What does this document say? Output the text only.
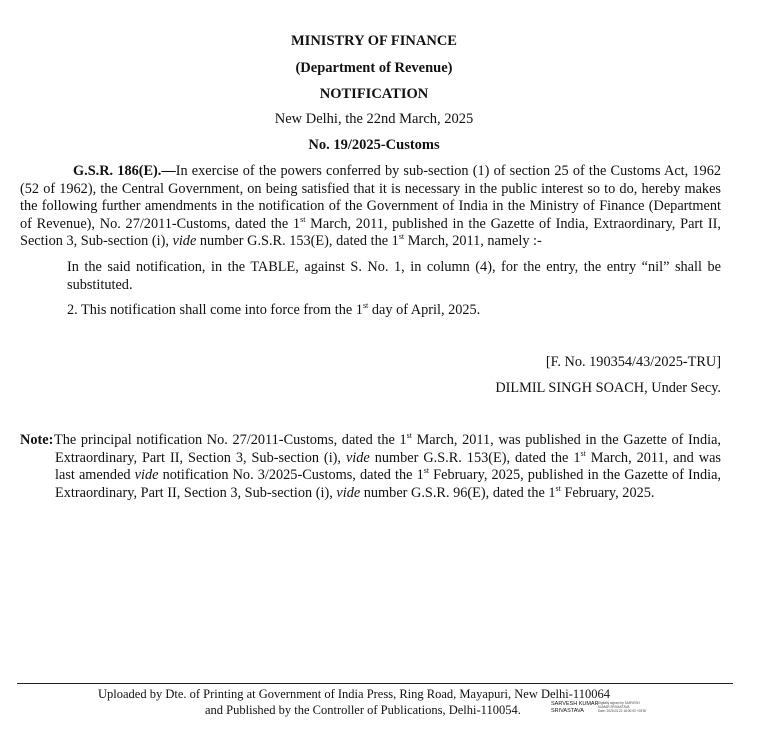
MINISTRY OF FINANCE
(Department of Revenue)
NOTIFICATION
New Delhi, the 22nd March, 2025
No. 19/2025-Customs
G.S.R. 186(E).—In exercise of the powers conferred by sub-section (1) of section 25 of the Customs Act, 1962 (52 of 1962), the Central Government, on being satisfied that it is necessary in the public interest so to do, hereby makes the following further amendments in the notification of the Government of India in the Ministry of Finance (Department of Revenue), No. 27/2011-Customs, dated the 1st March, 2011, published in the Gazette of India, Extraordinary, Part II, Section 3, Sub-section (i), vide number G.S.R. 153(E), dated the 1st March, 2011, namely :-
In the said notification, in the TABLE, against S. No. 1, in column (4), for the entry, the entry “nil” shall be substituted.
2. This notification shall come into force from the 1st day of April, 2025.
[F. No. 190354/43/2025-TRU]
DILMIL SINGH SOACH, Under Secy.
Note: The principal notification No. 27/2011-Customs, dated the 1st March, 2011, was published in the Gazette of India, Extraordinary, Part II, Section 3, Sub-section (i), vide number G.S.R. 153(E), dated the 1st March, 2011, and was last amended vide notification No. 3/2025-Customs, dated the 1st February, 2025, published in the Gazette of India, Extraordinary, Part II, Section 3, Sub-section (i), vide number G.S.R. 96(E), dated the 1st February, 2025.
Uploaded by Dte. of Printing at Government of India Press, Ring Road, Mayapuri, New Delhi-110064
and Published by the Controller of Publications, Delhi-110054.	SARVESH KUMAR
SRIVASTAVA
Digitally signed by SARVESH
KUMAR SRIVASTAVA
Date: 2025.03.22 18:00:00 +05'30'
